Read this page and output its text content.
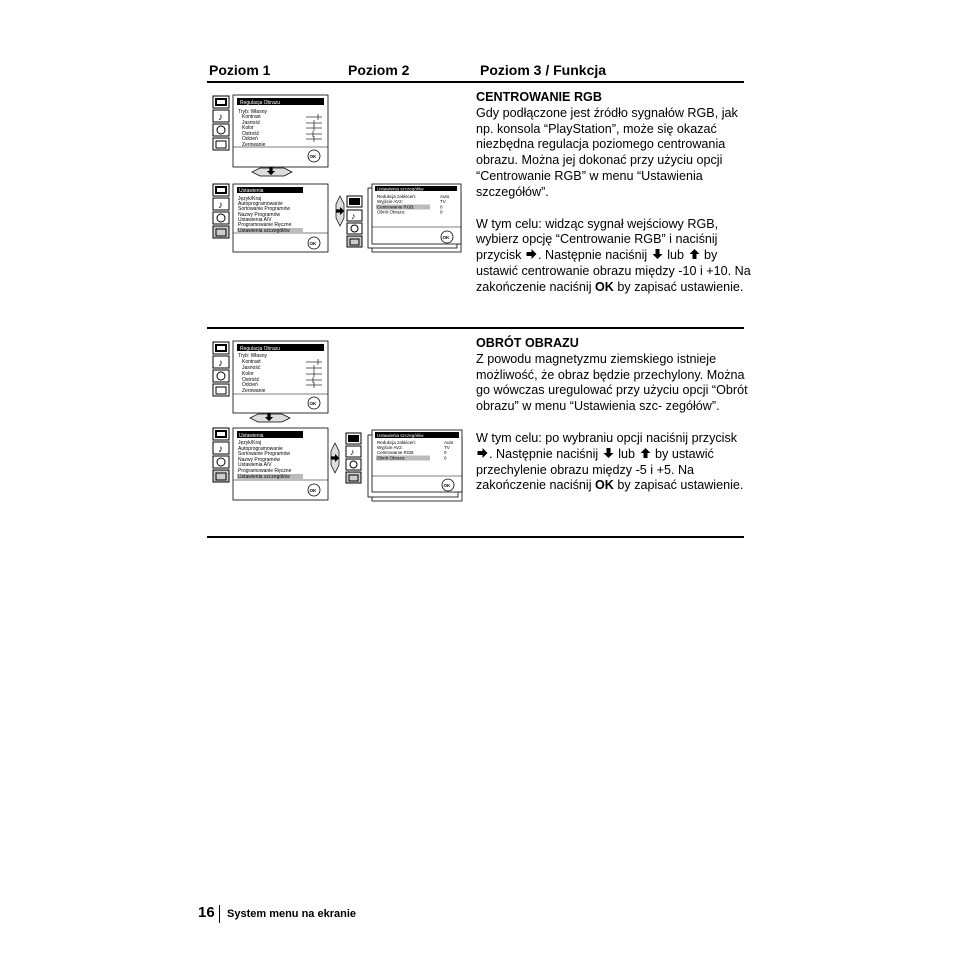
Poziom 1	Poziom 2	Poziom 3 / Funkcja
♪
Regulacja Obrazu
Tryb: Własny
Kontrast
Jasność
Kolor
Ostrość
Odcień
Zerowanie
OK
♪
Ustawienia
Język/Kraj
Autoprogramowanie
Sortowanie Programów
Nazwy Programów
Ustawienia A/V
Programowanie Ręczne
Ustawienia szczegółów
OK
♪
Ustawienia szczegółów
Redukcja zakłóceń:
Wyjście AV2:
Centrowanie RGB:
Obrót Obrazu:
Auto
TV
0
0
OK
♪
Regulacja Obrazu
Tryb: Własny
Kontrast
Jasność
Kolor
Ostrość
Odcień
Zerowanie
OK
♪
Ustawienia
Język/Kraj
Autoprogramowanie
Sortowanie Programów
Nazwy Programów
Ustawienia A/V
Programowanie Ręczne
Ustawienia szczegółów
OK
♪
Ustawienia szczegółów
Redukcja zakłóceń:
Wyjście AV2:
Centrowanie RGB:
Obrót Obrazu:
Auto
TV
0
0
OK

CENTROWANIE RGB

Gdy podłączone jest źródło sygnałów RGB, jak np. konsola “PlayStation”, może się okazać niezbędna regulacja poziomego centrowania obrazu. Można jej dokonać przy użyciu opcji “Centrowanie RGB” w menu “Ustawienia szczegółów”.

W tym celu: widząc sygnał wejściowy RGB, wybierz opcję “Centrowanie RGB” i naciśnij przycisk . Następnie naciśnij lub by ustawić centrowanie obrazu między -10 i +10. Na zakończenie naciśnij OK by zapisać ustawienie.

OBRÓT OBRAZU

Z powodu magnetyzmu ziemskiego istnieje możliwość, że obraz będzie przechylony. Można go wówczas uregulować przy użyciu opcji “Obrót obrazu” w menu “Ustawienia szc- zegółów”.

W tym celu: po wybraniu opcji naciśnij przycisk . Następnie naciśnij lub by ustawić przechylenie obrazu między -5 i +5. Na zakończenie naciśnij OK by zapisać ustawienie.

16 System menu na ekranie
